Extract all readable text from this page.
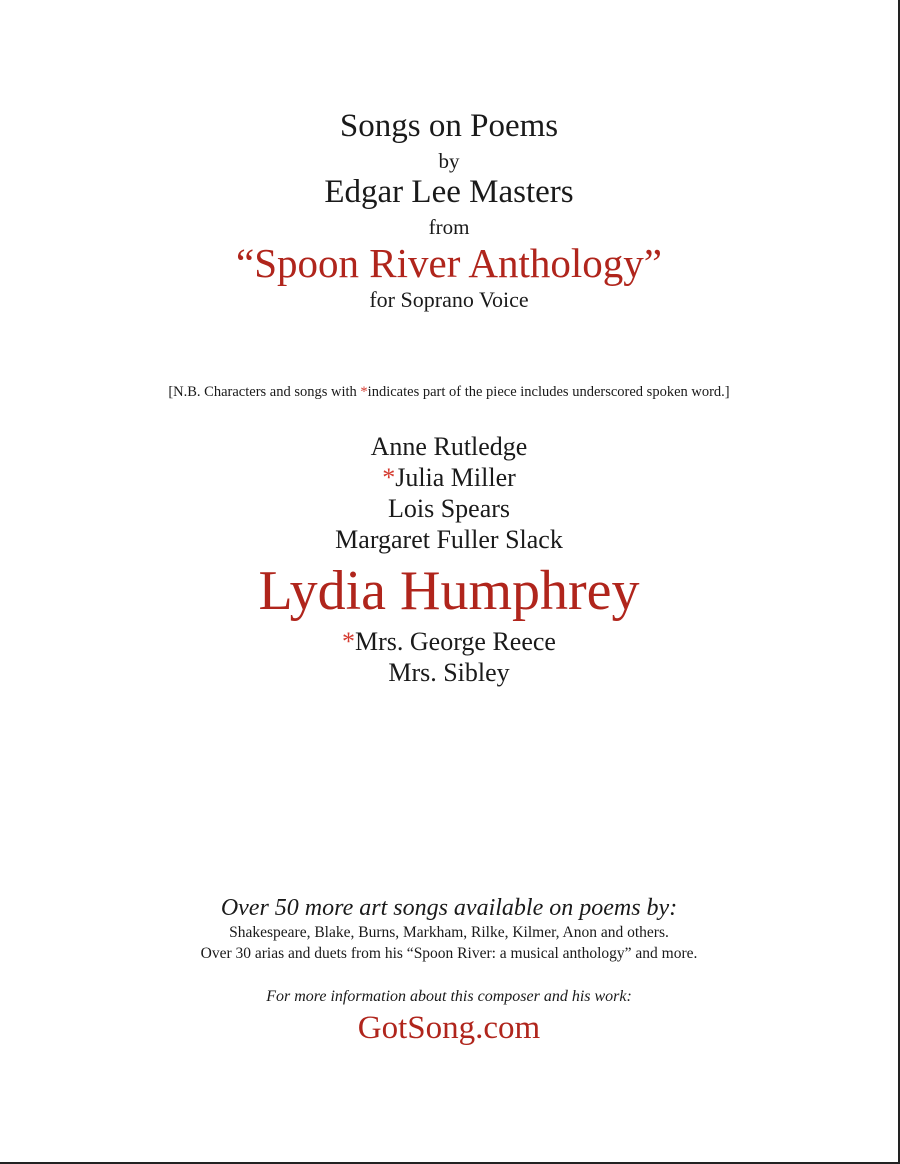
Songs on Poems
by
Edgar Lee Masters
from
“Spoon River Anthology”
for Soprano Voice
[N.B. Characters and songs with *indicates part of the piece includes underscored spoken word.]
Anne Rutledge
*Julia Miller
Lois Spears
Margaret Fuller Slack
Lydia Humphrey
*Mrs. George Reece
Mrs. Sibley
Over 50 more art songs available on poems by:
Shakespeare, Blake, Burns, Markham, Rilke, Kilmer, Anon and others.
Over 30 arias and duets from his “Spoon River: a musical anthology” and more.
For more information about this composer and his work:
GotSong.com
